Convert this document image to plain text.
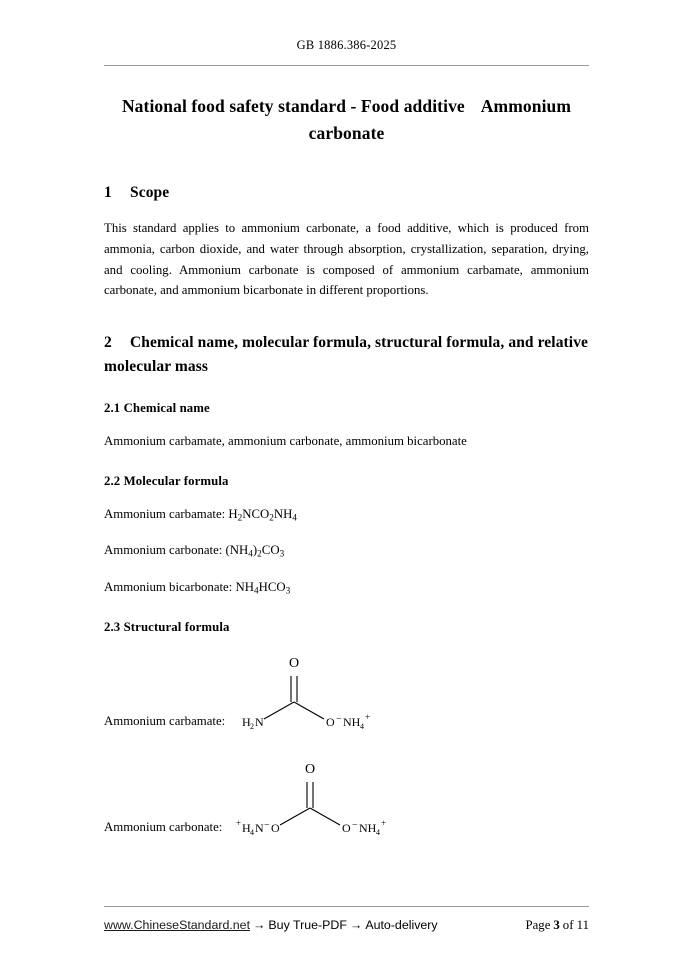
GB 1886.386-2025
National food safety standard - Food additive Ammonium
carbonate
1 Scope

This standard applies to ammonium carbonate, a food additive, which is produced from ammonia, carbon dioxide, and water through absorption, crystallization, separation, drying, and cooling. Ammonium carbonate is composed of ammonium carbamate, ammonium carbonate, and ammonium bicarbonate in different proportions.

2 Chemical name, molecular formula, structural formula, and relative molecular mass
2.1 Chemical name

Ammonium carbamate, ammonium carbonate, ammonium bicarbonate

2.2 Molecular formula

Ammonium carbamate: $H_2NCO_2NH_4$

Ammonium carbonate: $(NH_4)_2CO_3$

Ammonium bicarbonate: $NH_4HCO_3$

2.3 Structural formula
Ammonium carbamate:
O
H 2 N	O − NH 4
+
Ammonium carbonate:
O
+ H 4 N − O	O − NH 4
+
www.ChineseStandard.net → Buy True-PDF → Auto-delivery	Page 3 of 11
